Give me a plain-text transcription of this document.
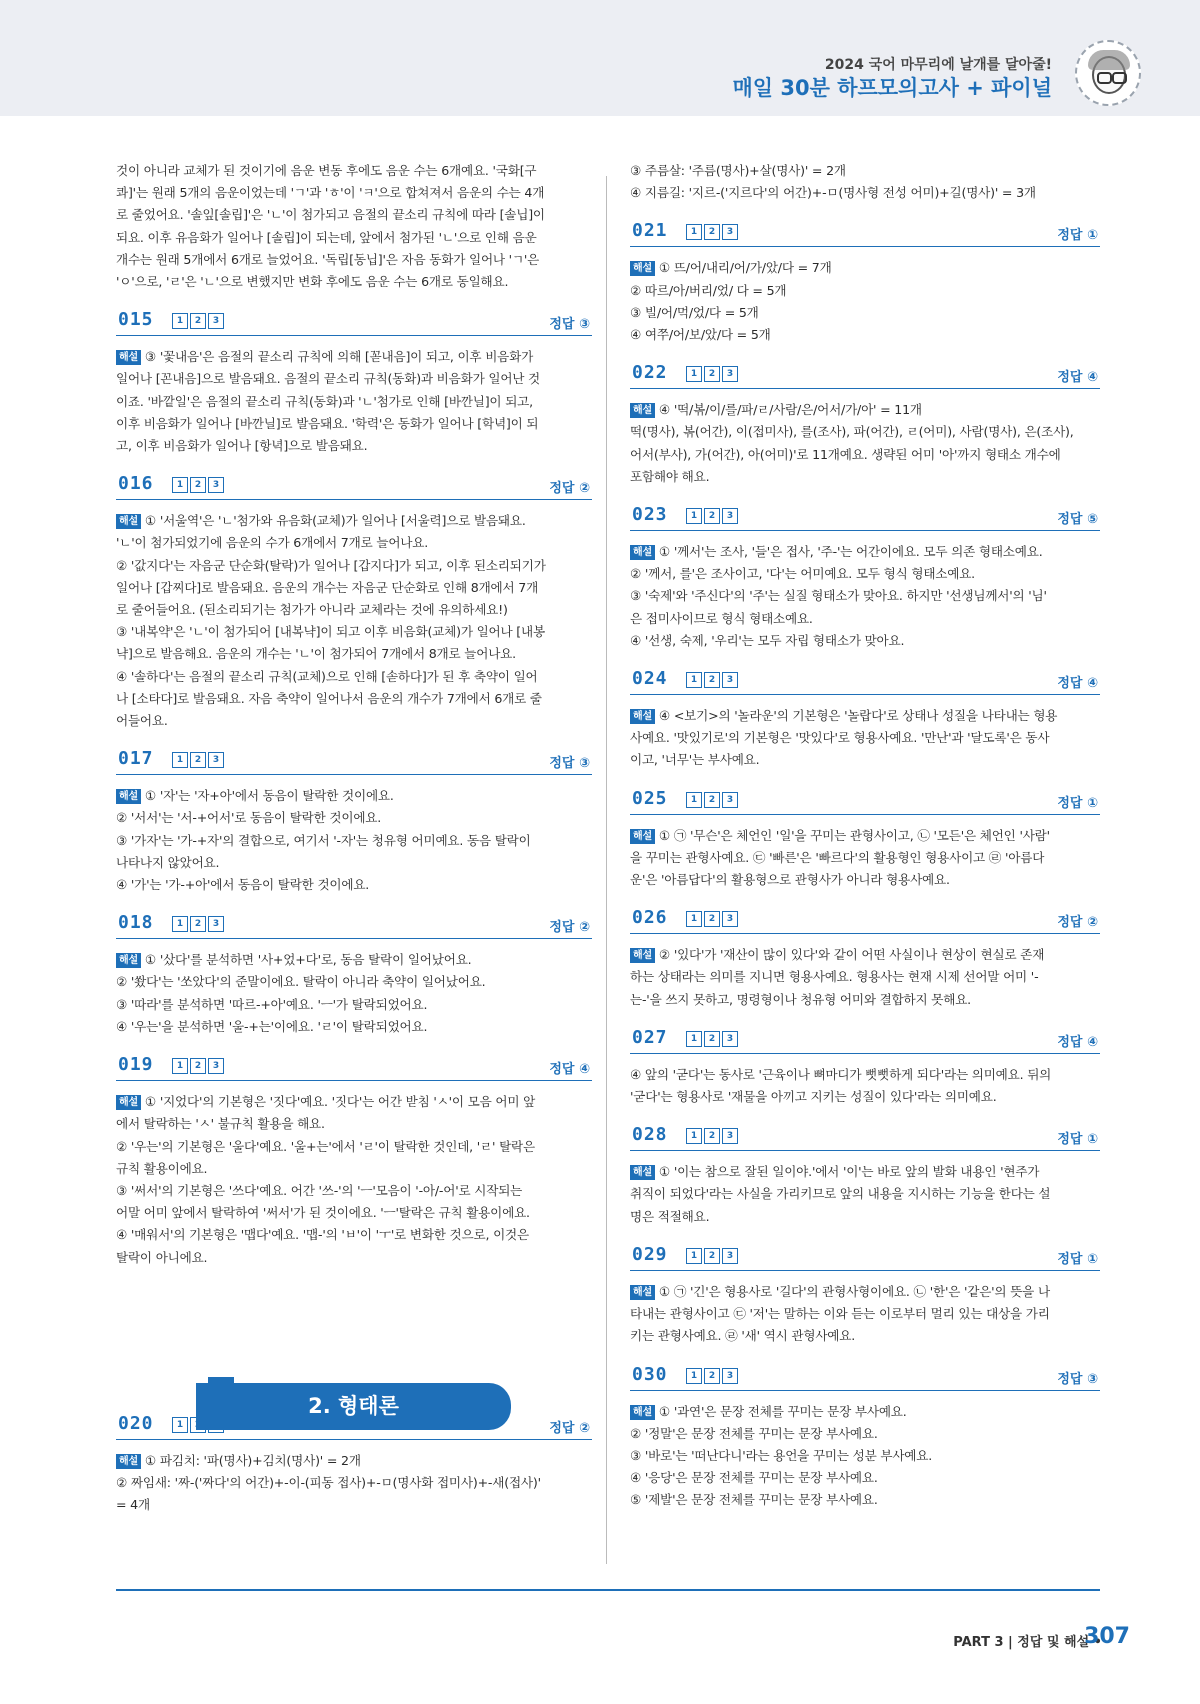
2024 국어 마무리에 날개를 달아줄!
매일 30분 하프모의고사 + 파이널
것이 아니라 교체가 된 것이기에 음운 변동 후에도 음운 수는 6개예요. '국화[구
콰]'는 원래 5개의 음운이었는데 'ㄱ'과 'ㅎ'이 'ㅋ'으로 합쳐져서 음운의 수는 4개
로 줄었어요. '솔잎[솔립]'은 'ㄴ'이 첨가되고 음절의 끝소리 규칙에 따라 [솔닙]이
되요. 이후 유음화가 일어나 [솔립]이 되는데, 앞에서 첨가된 'ㄴ'으로 인해 음운
개수는 원래 5개에서 6개로 늘었어요. '독립[동닙]'은 자음 동화가 일어나 'ㄱ'은
'ㅇ'으로, 'ㄹ'은 'ㄴ'으로 변했지만 변화 후에도 음운 수는 6개로 동일해요.
015	1	2	3	정답 ③
해설 ③ '꽃내음'은 음절의 끝소리 규칙에 의해 [꼳내음]이 되고, 이후 비음화가
일어나 [꼰내음]으로 발음돼요. 음절의 끝소리 규칙(동화)과 비음화가 일어난 것
이죠. '바깥일'은 음절의 끝소리 규칙(동화)과 'ㄴ'첨가로 인해 [바깐닐]이 되고,
이후 비음화가 일어나 [바깐닐]로 발음돼요. '학력'은 동화가 일어나 [학녁]이 되
고, 이후 비음화가 일어나 [항녁]으로 발음돼요.
016	1	2	3	정답 ②
해설 ① '서울역'은 'ㄴ'첨가와 유음화(교체)가 일어나 [서울력]으로 발음돼요.
'ㄴ'이 첨가되었기에 음운의 수가 6개에서 7개로 늘어나요.
② '값지다'는 자음군 단순화(탈락)가 일어나 [갑지다]가 되고, 이후 된소리되기가
일어나 [갑찌다]로 발음돼요. 음운의 개수는 자음군 단순화로 인해 8개에서 7개
로 줄어들어요. (된소리되기는 첨가가 아니라 교체라는 것에 유의하세요!)
③ '내복약'은 'ㄴ'이 첨가되어 [내복냑]이 되고 이후 비음화(교체)가 일어나 [내봉
냑]으로 발음해요. 음운의 개수는 'ㄴ'이 첨가되어 7개에서 8개로 늘어나요.
④ '솔하다'는 음절의 끝소리 규칙(교체)으로 인해 [솓하다]가 된 후 축약이 일어
나 [소타다]로 발음돼요. 자음 축약이 일어나서 음운의 개수가 7개에서 6개로 줄
어들어요.
017	1	2	3	정답 ③
해설 ① '자'는 '자+아'에서 동음이 탈락한 것이에요.
② '서서'는 '서-+어서'로 동음이 탈락한 것이에요.
③ '가자'는 '가-+자'의 결합으로, 여기서 '-자'는 청유형 어미예요. 동음 탈락이
나타나지 않았어요.
④ '가'는 '가-+아'에서 동음이 탈락한 것이에요.
018	1	2	3	정답 ②
해설 ① '샀다'를 분석하면 '사+었+다'로, 동음 탈락이 일어났어요.
② '쐈다'는 '쏘았다'의 준말이에요. 탈락이 아니라 축약이 일어났어요.
③ '따라'를 분석하면 '따르-+아'예요. 'ㅡ'가 탈락되었어요.
④ '우는'을 분석하면 '울-+는'이에요. 'ㄹ'이 탈락되었어요.
019	1	2	3	정답 ④
해설 ① '지었다'의 기본형은 '짓다'예요. '짓다'는 어간 받침 'ㅅ'이 모음 어미 앞
에서 탈락하는 'ㅅ' 불규칙 활용을 해요.
② '우는'의 기본형은 '울다'예요. '울+는'에서 'ㄹ'이 탈락한 것인데, 'ㄹ' 탈락은
규칙 활용이에요.
③ '써서'의 기본형은 '쓰다'예요. 어간 '쓰-'의 'ㅡ'모음이 '-아/-어'로 시작되는
어말 어미 앞에서 탈락하여 '써서'가 된 것이에요. 'ㅡ'탈락은 규칙 활용이에요.
④ '매워서'의 기본형은 '맵다'예요. '맵-'의 'ㅂ'이 'ㅜ'로 변화한 것으로, 이것은
탈락이 아니에요.
020	1	정답 ②
해설 ① 파김치: '파(명사)+김치(명사)' = 2개
② 짜임새: '짜-('짜다'의 어간)+-이-(피동 접사)+-ㅁ(명사화 접미사)+-새(접사)'
= 4개
③ 주름살: '주름(명사)+살(명사)' = 2개
④ 지름길: '지르-('지르다'의 어간)+-ㅁ(명사형 전성 어미)+길(명사)' = 3개
021	1	2	3	정답 ①
해설 ① 뜨/어/내리/어/가/았/다 = 7개
② 따르/아/버리/었/ 다 = 5개
③ 빌/어/먹/었/다 = 5개
④ 여쭈/어/보/았/다 = 5개
022	1	2	3	정답 ④
해설 ④ '떡/볶/이/를/파/ㄹ/사람/은/어서/가/아' = 11개
떡(명사), 볶(어간), 이(접미사), 를(조사), 파(어간), ㄹ(어미), 사람(명사), 은(조사),
어서(부사), 가(어간), 아(어미)'로 11개예요. 생략된 어미 '아'까지 형태소 개수에
포함해야 해요.
023	1	2	3	정답 ⑤
해설 ① '께서'는 조사, '들'은 접사, '주-'는 어간이에요. 모두 의존 형태소예요.
② '께서, 를'은 조사이고, '다'는 어미예요. 모두 형식 형태소예요.
③ '숙제'와 '주신다'의 '주'는 실질 형태소가 맞아요. 하지만 '선생님께서'의 '님'
은 접미사이므로 형식 형태소예요.
④ '선생, 숙제, '우리'는 모두 자립 형태소가 맞아요.
024	1	2	3	정답 ④
해설 ④ <보기>의 '놀라운'의 기본형은 '놀랍다'로 상태나 성질을 나타내는 형용
사예요. '맛있기로'의 기본형은 '맛있다'로 형용사예요. '만난'과 '달도록'은 동사
이고, '너무'는 부사예요.
025	1	2	3	정답 ①
해설 ① ㉠ '무슨'은 체언인 '일'을 꾸미는 관형사이고, ㉡ '모든'은 체언인 '사람'
을 꾸미는 관형사예요. ㉢ '빠른'은 '빠르다'의 활용형인 형용사이고 ㉣ '아름다
운'은 '아름답다'의 활용형으로 관형사가 아니라 형용사예요.
026	1	2	3	정답 ②
해설 ② '있다'가 '재산이 많이 있다'와 같이 어떤 사실이나 현상이 현실로 존재
하는 상태라는 의미를 지니면 형용사예요. 형용사는 현재 시제 선어말 어미 '-
는-'을 쓰지 못하고, 명령형이나 청유형 어미와 결합하지 못해요.
027	1	2	3	정답 ④
④ 앞의 '굳다'는 동사로 '근육이나 뼈마디가 뻣뻣하게 되다'라는 의미예요. 뒤의
'굳다'는 형용사로 '재물을 아끼고 지키는 성질이 있다'라는 의미예요.
028	1	2	3	정답 ①
해설 ① '이는 참으로 잘된 일이야.'에서 '이'는 바로 앞의 발화 내용인 '현주가
취직이 되었다'라는 사실을 가리키므로 앞의 내용을 지시하는 기능을 한다는 설
명은 적절해요.
029	1	2	3	정답 ①
해설 ① ㉠ '긴'은 형용사로 '길다'의 관형사형이에요. ㉡ '한'은 '같은'의 뜻을 나
타내는 관형사이고 ㉢ '저'는 말하는 이와 듣는 이로부터 멀리 있는 대상을 가리
키는 관형사예요. ㉣ '새' 역시 관형사예요.
030	1	2	3	정답 ③
해설 ① '과연'은 문장 전체를 꾸미는 문장 부사예요.
② '정말'은 문장 전체를 꾸미는 문장 부사예요.
③ '바로'는 '떠난다니'라는 용언을 꾸미는 성분 부사예요.
④ '응당'은 문장 전체를 꾸미는 문장 부사예요.
⑤ '제발'은 문장 전체를 꾸미는 문장 부사예요.
2. 형태론
PART 3 | 정답 및 해설 •
307
